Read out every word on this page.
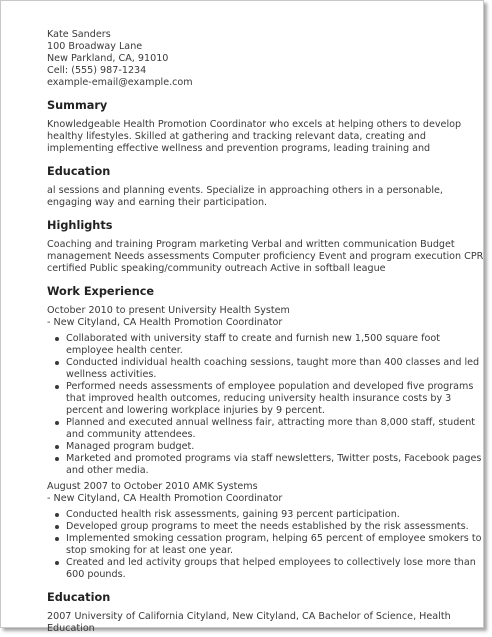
Kate Sanders
100 Broadway Lane
New Parkland, CA, 91010
Cell: (555) 987-1234
example-email@example.com
Summary
Knowledgeable Health Promotion Coordinator who excels at helping others to develop healthy lifestyles. Skilled at gathering and tracking relevant data, creating and implementing effective wellness and prevention programs, leading training and
Education
al sessions and planning events. Specialize in approaching others in a personable, engaging way and earning their participation.
Highlights
Coaching and training Program marketing Verbal and written communication Budget management Needs assessments Computer proficiency Event and program execution CPR certified Public speaking/community outreach Active in softball league
Work Experience
October 2010 to present University Health System
- New Cityland, CA Health Promotion Coordinator
Collaborated with university staff to create and furnish new 1,500 square foot employee health center.
Conducted individual health coaching sessions, taught more than 400 classes and led wellness activities.
Performed needs assessments of employee population and developed five programs that improved health outcomes, reducing university health insurance costs by 3 percent and lowering workplace injuries by 9 percent.
Planned and executed annual wellness fair, attracting more than 8,000 staff, student and community attendees.
Managed program budget.
Marketed and promoted programs via staff newsletters, Twitter posts, Facebook pages and other media.
August 2007 to October 2010 AMK Systems
- New Cityland, CA Health Promotion Coordinator
Conducted health risk assessments, gaining 93 percent participation.
Developed group programs to meet the needs established by the risk assessments.
Implemented smoking cessation program, helping 65 percent of employee smokers to stop smoking for at least one year.
Created and led activity groups that helped employees to collectively lose more than 600 pounds.
Education
2007 University of California Cityland, New Cityland, CA Bachelor of Science, Health Education
